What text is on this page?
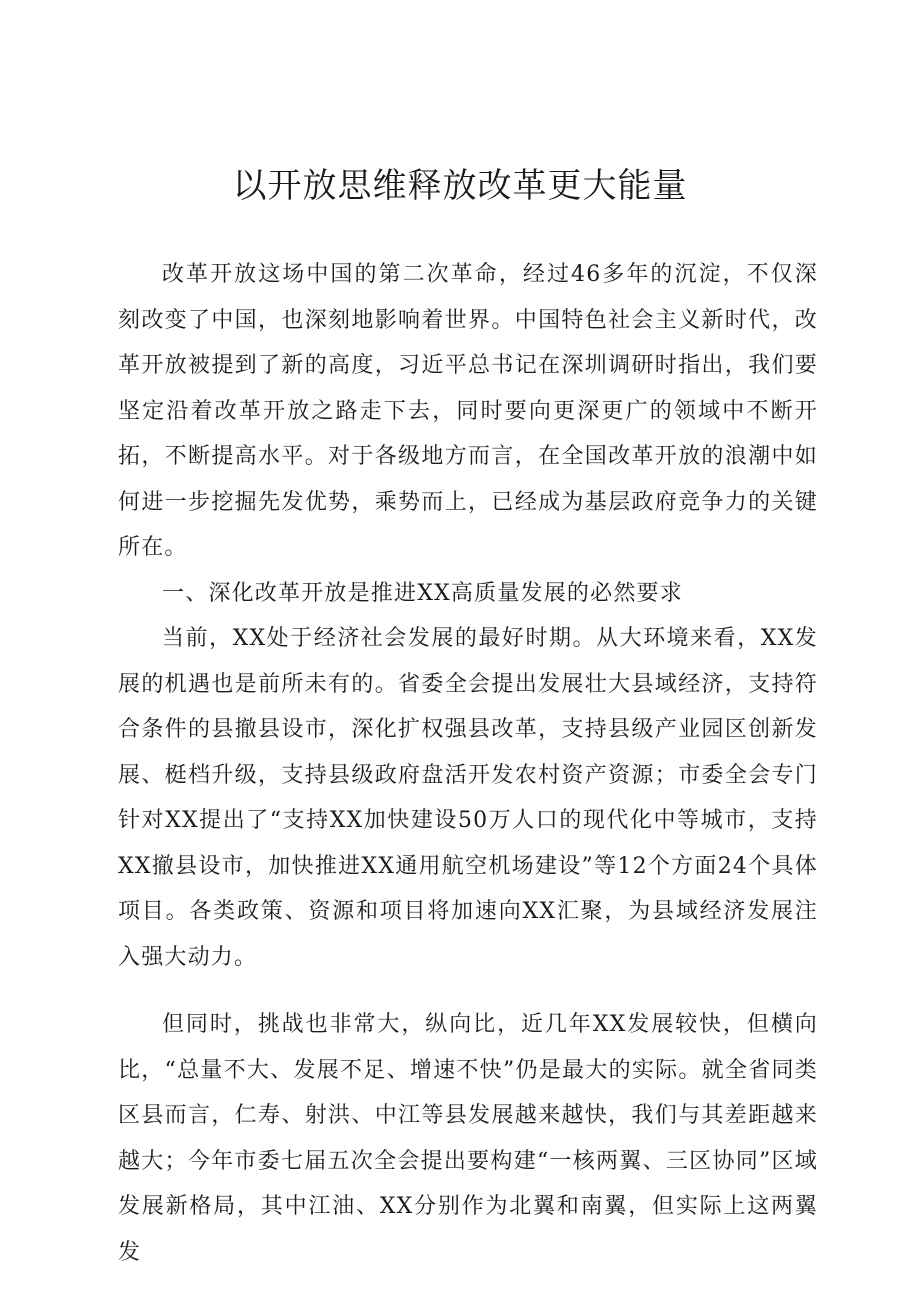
以开放思维释放改革更大能量

改革开放这场中国的第二次革命，经过46多年的沉淀，不仅深刻改变了中国，也深刻地影响着世界。中国特色社会主义新时代，改革开放被提到了新的高度，习近平总书记在深圳调研时指出，我们要坚定沿着改革开放之路走下去，同时要向更深更广的领域中不断开拓，不断提高水平。对于各级地方而言，在全国改革开放的浪潮中如何进一步挖掘先发优势，乘势而上，已经成为基层政府竞争力的关键所在。

一、深化改革开放是推进XX高质量发展的必然要求

当前，XX处于经济社会发展的最好时期。从大环境来看，XX发展的机遇也是前所未有的。省委全会提出发展壮大县域经济，支持符合条件的县撤县设市，深化扩权强县改革，支持县级产业园区创新发展、梃档升级，支持县级政府盘活开发农村资产资源；市委全会专门针对XX提出了“支持XX加快建设50万人口的现代化中等城市，支持XX撤县设市，加快推进XX通用航空机场建设”等12个方面24个具体项目。各类政策、资源和项目将加速向XX汇聚，为县域经济发展注入强大动力。

但同时，挑战也非常大，纵向比，近几年XX发展较快，但横向比，“总量不大、发展不足、增速不快”仍是最大的实际。就全省同类区县而言，仁寿、射洪、中江等县发展越来越快，我们与其差距越来越大；今年市委七届五次全会提出要构建“一核两翼、三区协同”区域发展新格局，其中江油、XX分别作为北翼和南翼，但实际上这两翼发
